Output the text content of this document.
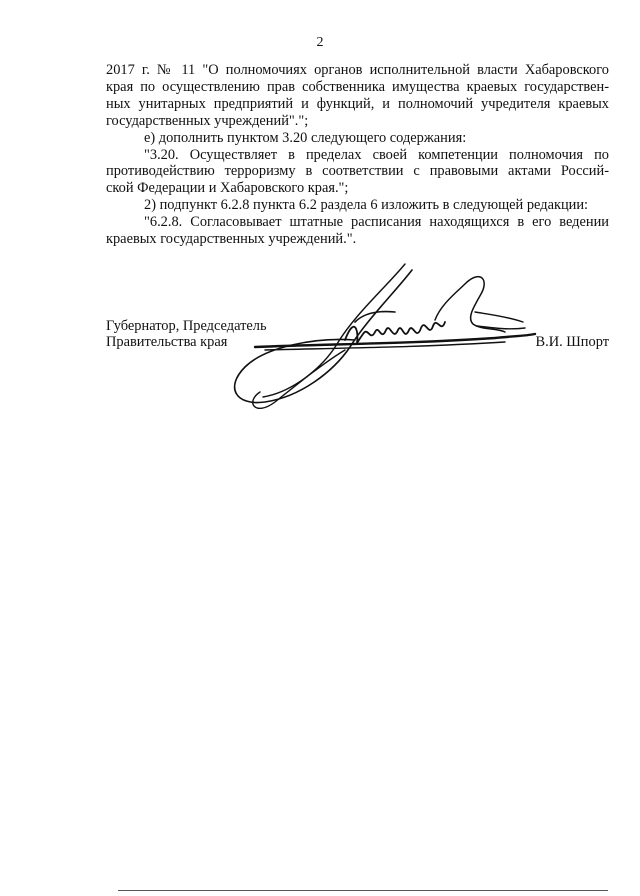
2
2017 г. № 11 "О полномочиях органов исполнительной власти Хабаровского
края по осуществлению прав собственника имущества краевых государствен-
ных унитарных предприятий и функций, и полномочий учредителя краевых
государственных учреждений".";
е) дополнить пунктом 3.20 следующего содержания:
"3.20. Осуществляет в пределах своей компетенции полномочия по
противодействию терроризму в соответствии с правовыми актами Россий-
ской Федерации и Хабаровского края.";
2) подпункт 6.2.8 пункта 6.2 раздела 6 изложить в следующей редакции:
"6.2.8. Согласовывает штатные расписания находящихся в его ведении
краевых государственных учреждений.".
Губернатор, Председатель
Правительства края	В.И. Шпорт
